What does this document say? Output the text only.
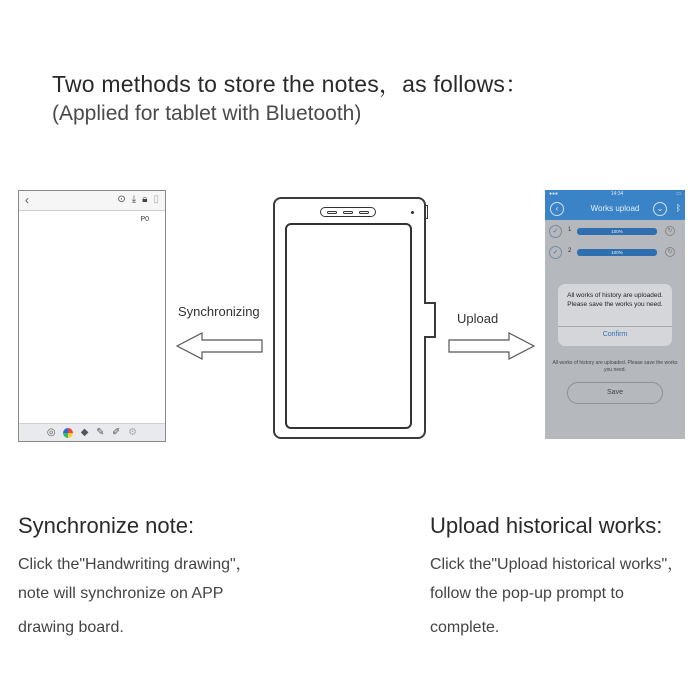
Two methods to store the notes，as follows：
(Applied for tablet with Bluetooth)
‹	⊙ ⤓ 🔒︎ ▯
P0
◎	◆ ✎ ✐ ⚙
Synchronizing	Upload
●●●	14:34	▭
‹	Works upload	⌄	ᛒ
✓	1	100%	↻
✓	2	100%	↻
All works of history are uploaded. Please save the works you need.
Confirm
All works of history are uploaded. Please save the works you need.
Save
Synchronize note:
Click the"Handwriting drawing"，
note will synchronize on APP
drawing board.
Upload historical works:
Click the"Upload historical works"，
follow the pop-up prompt to
complete.
